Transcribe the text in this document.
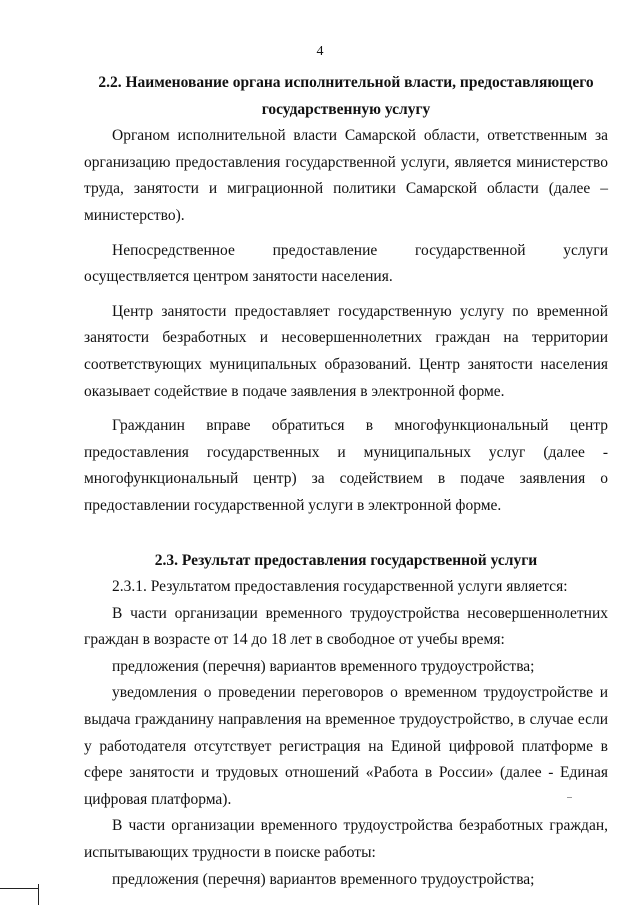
4
2.2. Наименование органа исполнительной власти, предоставляющего
государственную услугу

Органом исполнительной власти Самарской области, ответственным за организацию предоставления государственной услуги, является министерство труда, занятости и миграционной политики Самарской области (далее – министерство).

Непосредственное предоставление государственной услуги осуществляется центром занятости населения.

Центр занятости предоставляет государственную услугу по временной занятости безработных и несовершеннолетних граждан на территории соответствующих муниципальных образований. Центр занятости населения оказывает содействие в подаче заявления в электронной форме.

Гражданин вправе обратиться в многофункциональный центр предоставления государственных и муниципальных услуг (далее - многофункциональный центр) за содействием в подаче заявления о предоставлении государственной услуги в электронной форме.

2.3. Результат предоставления государственной услуги

2.3.1. Результатом предоставления государственной услуги является:

В части организации временного трудоустройства несовершеннолетних граждан в возрасте от 14 до 18 лет в свободное от учебы время:

предложения (перечня) вариантов временного трудоустройства;

уведомления о проведении переговоров о временном трудоустройстве и выдача гражданину направления на временное трудоустройство, в случае если у работодателя отсутствует регистрация на Единой цифровой платформе в сфере занятости и трудовых отношений «Работа в России» (далее - Единая цифровая платформа).

В части организации временного трудоустройства безработных граждан, испытывающих трудности в поиске работы:

предложения (перечня) вариантов временного трудоустройства;
